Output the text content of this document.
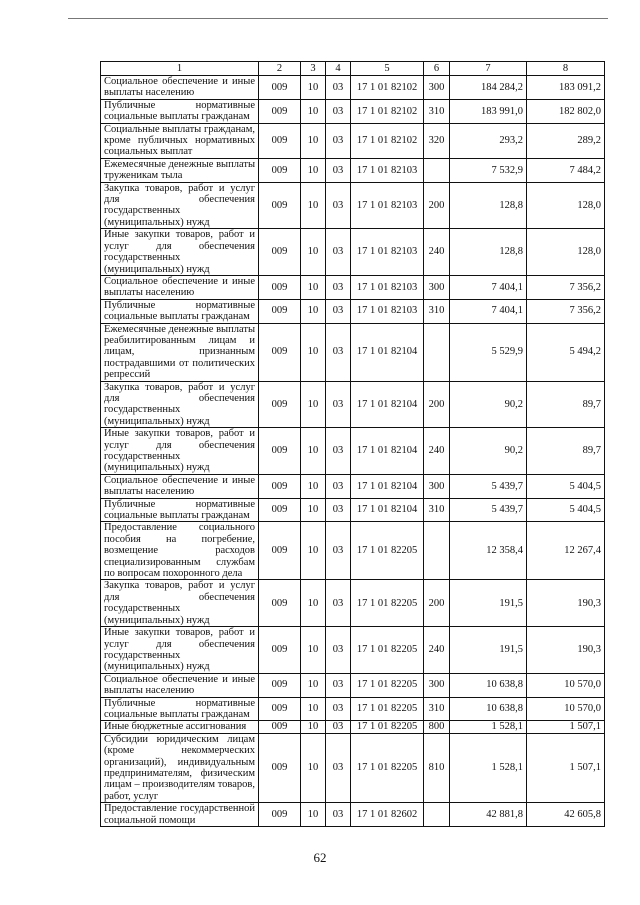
1	2	3	4	5	6	7	8
Социальное обеспечение и иные выплаты населению	009	10	03	17 1 01 82102	300	184 284,2	183 091,2
Публичные нормативные социальные выплаты гражданам	009	10	03	17 1 01 82102	310	183 991,0	182 802,0
Социальные выплаты гражданам, кроме публичных нормативных социальных выплат	009	10	03	17 1 01 82102	320	293,2	289,2
Ежемесячные денежные выплаты труженикам тыла	009	10	03	17 1 01 82103		7 532,9	7 484,2
Закупка товаров, работ и услуг для обеспечения государственных (муниципальных) нужд	009	10	03	17 1 01 82103	200	128,8	128,0
Иные закупки товаров, работ и услуг для обеспечения государственных (муниципальных) нужд	009	10	03	17 1 01 82103	240	128,8	128,0
Социальное обеспечение и иные выплаты населению	009	10	03	17 1 01 82103	300	7 404,1	7 356,2
Публичные нормативные социальные выплаты гражданам	009	10	03	17 1 01 82103	310	7 404,1	7 356,2
Ежемесячные денежные выплаты реабилитированным лицам и лицам, признанным пострадавшими от политических репрессий	009	10	03	17 1 01 82104		5 529,9	5 494,2
Закупка товаров, работ и услуг для обеспечения государственных (муниципальных) нужд	009	10	03	17 1 01 82104	200	90,2	89,7
Иные закупки товаров, работ и услуг для обеспечения государственных (муниципальных) нужд	009	10	03	17 1 01 82104	240	90,2	89,7
Социальное обеспечение и иные выплаты населению	009	10	03	17 1 01 82104	300	5 439,7	5 404,5
Публичные нормативные социальные выплаты гражданам	009	10	03	17 1 01 82104	310	5 439,7	5 404,5
Предоставление социального пособия на погребение, возмещение расходов специализированным службам по вопросам похоронного дела	009	10	03	17 1 01 82205		12 358,4	12 267,4
Закупка товаров, работ и услуг для обеспечения государственных (муниципальных) нужд	009	10	03	17 1 01 82205	200	191,5	190,3
Иные закупки товаров, работ и услуг для обеспечения государственных (муниципальных) нужд	009	10	03	17 1 01 82205	240	191,5	190,3
Социальное обеспечение и иные выплаты населению	009	10	03	17 1 01 82205	300	10 638,8	10 570,0
Публичные нормативные социальные выплаты гражданам	009	10	03	17 1 01 82205	310	10 638,8	10 570,0
Иные бюджетные ассигнования	009	10	03	17 1 01 82205	800	1 528,1	1 507,1
Субсидии юридическим лицам (кроме некоммерческих организаций), индивидуальным предпринимателям, физическим лицам – производителям товаров, работ, услуг	009	10	03	17 1 01 82205	810	1 528,1	1 507,1
Предоставление государственной социальной помощи	009	10	03	17 1 01 82602		42 881,8	42 605,8
62
